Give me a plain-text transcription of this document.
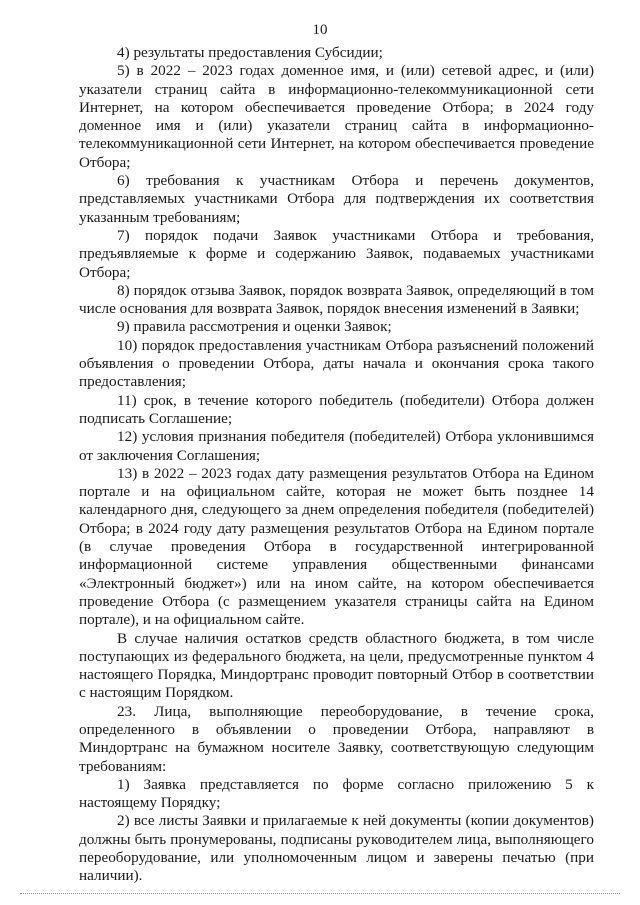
10

4) результаты предоставления Субсидии;

5) в 2022 – 2023 годах доменное имя, и (или) сетевой адрес, и (или) указатели страниц сайта в информационно-телекоммуникационной сети Интернет, на котором обеспечивается проведение Отбора; в 2024 году доменное имя и (или) указатели страниц сайта в информационно-телекоммуникационной сети Интернет, на котором обеспечивается проведение Отбора;

6) требования к участникам Отбора и перечень документов, представляемых участниками Отбора для подтверждения их соответствия указанным требованиям;

7) порядок подачи Заявок участниками Отбора и требования, предъявляемые к форме и содержанию Заявок, подаваемых участниками Отбора;

8) порядок отзыва Заявок, порядок возврата Заявок, определяющий в том числе основания для возврата Заявок, порядок внесения изменений в Заявки;

9) правила рассмотрения и оценки Заявок;

10) порядок предоставления участникам Отбора разъяснений положений объявления о проведении Отбора, даты начала и окончания срока такого предоставления;

11) срок, в течение которого победитель (победители) Отбора должен подписать Соглашение;

12) условия признания победителя (победителей) Отбора уклонившимся от заключения Соглашения;

13) в 2022 – 2023 годах дату размещения результатов Отбора на Едином портале и на официальном сайте, которая не может быть позднее 14 календарного дня, следующего за днем определения победителя (победителей) Отбора; в 2024 году дату размещения результатов Отбора на Едином портале (в случае проведения Отбора в государственной интегрированной информационной системе управления общественными финансами «Электронный бюджет») или на ином сайте, на котором обеспечивается проведение Отбора (с размещением указателя страницы сайта на Едином портале), и на официальном сайте.

В случае наличия остатков средств областного бюджета, в том числе поступающих из федерального бюджета, на цели, предусмотренные пунктом 4 настоящего Порядка, Миндортранс проводит повторный Отбор в соответствии с настоящим Порядком.

23. Лица, выполняющие переоборудование, в течение срока, определенного в объявлении о проведении Отбора, направляют в Миндортранс на бумажном носителе Заявку, соответствующую следующим требованиям:

1) Заявка представляется по форме согласно приложению 5 к настоящему Порядку;

2) все листы Заявки и прилагаемые к ней документы (копии документов) должны быть пронумерованы, подписаны руководителем лица, выполняющего переоборудование, или уполномоченным лицом и заверены печатью (при наличии).
